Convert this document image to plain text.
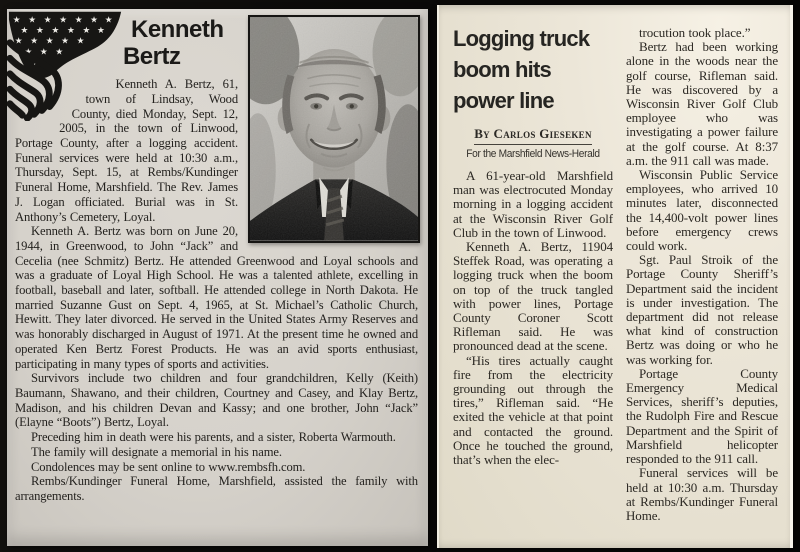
★ ★ ★ ★ ★ ★ ★
★ ★ ★ ★ ★ ★
★ ★ ★ ★ ★
★ ★ ★
★
Kenneth Bertz

Kenneth A. Bertz, 61, town of Lindsay, Wood County, died Monday, Sept. 12, 2005, in the town of Linwood, Portage County, after a logging accident. Funeral services were held at 10:30 a.m., Thursday, Sept. 15, at Rembs/Kundinger Funeral Home, Marshfield. The Rev. James J. Logan officiated. Burial was in St. Anthony’s Cemetery, Loyal.

Kenneth A. Bertz was born on June 20, 1944, in Greenwood, to John “Jack” and Cecelia (nee Schmitz) Bertz. He attended Greenwood and Loyal schools and was a graduate of Loyal High School. He was a talented athlete, excelling in football, baseball and later, softball. He attended college in North Dakota. He married Suzanne Gust on Sept. 4, 1965, at St. Michael’s Catholic Church, Hewitt. They later divorced. He served in the United States Army Reserves and was honorably discharged in August of 1971. At the present time he owned and operated Ken Bertz Forest Products. He was an avid sports enthusiast, participating in many types of sports and activities.

Survivors include two children and four grandchildren, Kelly (Keith) Baumann, Shawano, and their children, Courtney and Casey, and Klay Bertz, Madison, and his children Devan and Kassy; and one brother, John “Jack” (Elayne “Boots”) Bertz, Loyal.

Preceding him in death were his parents, and a sister, Roberta Warmouth.

The family will designate a memorial in his name.

Condolences may be sent online to www.rembsfh.com.

Rembs/Kundinger Funeral Home, Marshfield, assisted the family with arrangements.

Logging truck
boom hits
power line
By Carlos Gieseken
For the Marshfield News-Herald

A 61-year-old Marshfield man was electrocuted Monday morning in a logging accident at the Wisconsin River Golf Club in the town of Linwood.

Kenneth A. Bertz, 11904 Steffek Road, was operating a logging truck when the boom on top of the truck tangled with power lines, Portage County Coroner Scott Rifleman said. He was pronounced dead at the scene.

“His tires actually caught fire from the electricity grounding out through the tires,” Rifleman said. “He exited the vehicle at that point and contacted the ground. Once he touched the ground, that’s when the elec-

trocution took place.”

Bertz had been working alone in the woods near the golf course, Rifleman said. He was discovered by a Wisconsin River Golf Club employee who was investigating a power failure at the golf course. At 8:37 a.m. the 911 call was made.

Wisconsin Public Service employees, who arrived 10 minutes later, disconnected the 14,400-volt power lines before emergency crews could work.

Sgt. Paul Stroik of the Portage County Sheriff’s Department said the incident is under investigation. The department did not release what kind of construction Bertz was doing or who he was working for.

Portage County Emergency Medical Services, sheriff’s deputies, the Rudolph Fire and Rescue Department and the Spirit of Marshfield helicopter responded to the 911 call.

Funeral services will be held at 10:30 a.m. Thursday at Rembs/Kundinger Funeral Home.
